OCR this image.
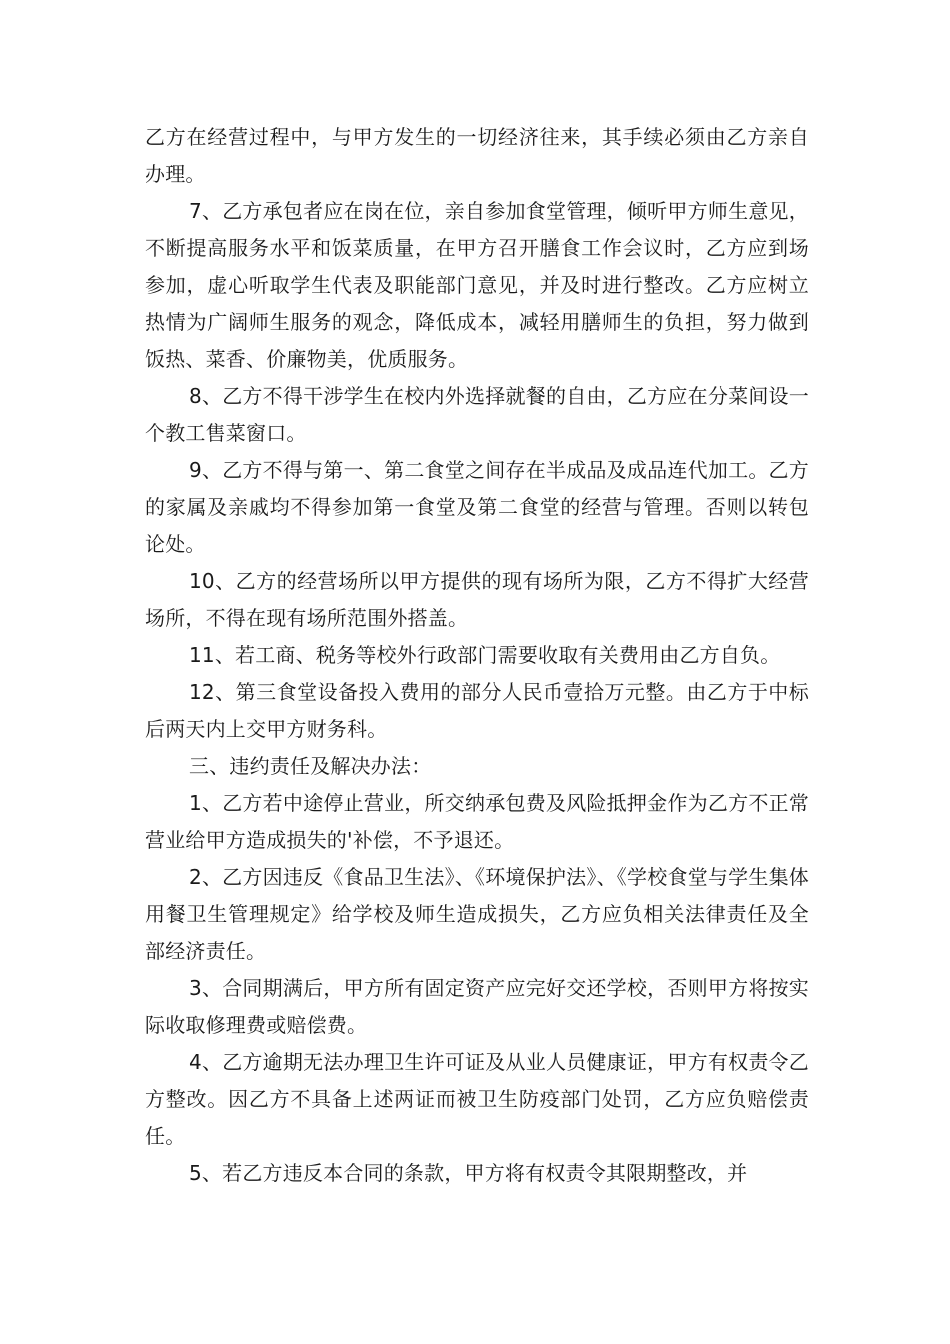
乙方在经营过程中，与甲方发生的一切经济往来，其手续必须由乙方亲自办理。

7、乙方承包者应在岗在位，亲自参加食堂管理，倾听甲方师生意见，不断提高服务水平和饭菜质量，在甲方召开膳食工作会议时，乙方应到场参加，虚心听取学生代表及职能部门意见，并及时进行整改。乙方应树立热情为广阔师生服务的观念，降低成本，减轻用膳师生的负担，努力做到饭热、菜香、价廉物美，优质服务。

8、乙方不得干涉学生在校内外选择就餐的自由，乙方应在分菜间设一个教工售菜窗口。

9、乙方不得与第一、第二食堂之间存在半成品及成品连代加工。乙方的家属及亲戚均不得参加第一食堂及第二食堂的经营与管理。否则以转包论处。

10、乙方的经营场所以甲方提供的现有场所为限，乙方不得扩大经营场所，不得在现有场所范围外搭盖。

11、若工商、税务等校外行政部门需要收取有关费用由乙方自负。

12、第三食堂设备投入费用的部分人民币壹拾万元整。由乙方于中标后两天内上交甲方财务科。

三、违约责任及解决办法：

1、乙方若中途停止营业，所交纳承包费及风险抵押金作为乙方不正常营业给甲方造成损失的'补偿，不予退还。

2、乙方因违反《食品卫生法》、《环境保护法》、《学校食堂与学生集体用餐卫生管理规定》给学校及师生造成损失，乙方应负相关法律责任及全部经济责任。

3、合同期满后，甲方所有固定资产应完好交还学校，否则甲方将按实际收取修理费或赔偿费。

4、乙方逾期无法办理卫生许可证及从业人员健康证，甲方有权责令乙方整改。因乙方不具备上述两证而被卫生防疫部门处罚，乙方应负赔偿责任。

5、若乙方违反本合同的条款，甲方将有权责令其限期整改，并
